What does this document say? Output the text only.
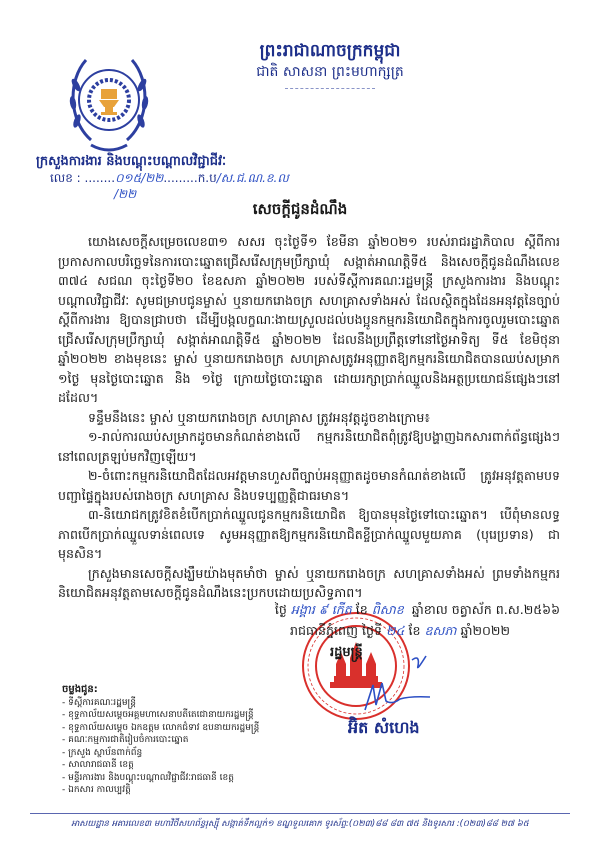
ព្រះរាជាណាចក្រកម្ពុជា
ជាតិ សាសនា ព្រះមហាក្សត្រ
ក្រសួងការងារ និងបណ្តុះបណ្តាលវិជ្ជាជីវៈ
លេខ : ........០១៥/២២.........ក.ប/ស.ជ.ណ.ខ.ល
/២២
សេចក្តីជូនដំណឹង

យោងសេចក្តីសម្រេចលេខ៣១ សសរ ចុះថ្ងៃទី១ ខែមីនា ឆ្នាំ២០២១ របស់រាជរដ្ឋាភិបាល ស្តីពីការប្រកាសកាលបរិច្ឆេទនៃការបោះឆ្នោតជ្រើសរើសក្រុមប្រឹក្សាឃុំ សង្កាត់អាណត្តិទី៥ និងសេចក្តីជូនដំណឹងលេខ ៣៧៤ សជណ ចុះថ្ងៃទី២០ ខែឧសភា ឆ្នាំ២០២២ របស់ទីស្តីការគណៈរដ្ឋមន្ត្រី ក្រសួងការងារ និងបណ្តុះបណ្តាលវិជ្ជាជីវៈ សូមជម្រាបជូនម្ចាស់ ឬនាយករោងចក្រ សហគ្រាសទាំងអស់ ដែលស្ថិតក្នុងដែនអនុវត្តនៃច្បាប់ស្តីពីការងារ ឱ្យបានជ្រាបថា ដើម្បីបង្កលក្ខណៈងាយស្រួលដល់បងប្អូនកម្មករនិយោជិតក្នុងការចូលរួមបោះឆ្នោតជ្រើសរើសក្រុមប្រឹក្សាឃុំ សង្កាត់អាណត្តិទី៥ ឆ្នាំ២០២២ ដែលនឹងប្រព្រឹត្តទៅនៅថ្ងៃអាទិត្យ ទី៥ ខែមិថុនា ឆ្នាំ២០២២ ខាងមុខនេះ ម្ចាស់ ឬនាយករោងចក្រ សហគ្រាសត្រូវអនុញ្ញាតឱ្យកម្មករនិយោជិតបានឈប់សម្រាក ១ថ្ងៃ មុនថ្ងៃបោះឆ្នោត និង ១ថ្ងៃ ក្រោយថ្ងៃបោះឆ្នោត ដោយរក្សាប្រាក់ឈ្នួលនិងអត្ថប្រយោជន៍ផ្សេងៗនៅដដែល។

ទន្ទឹមនឹងនេះ ម្ចាស់ ឬនាយករោងចក្រ សហគ្រាស ត្រូវអនុវត្តដូចខាងក្រោម៖

១-រាល់ការឈប់សម្រាកដូចមានកំណត់ខាងលើ កម្មករនិយោជិតពុំត្រូវឱ្យបង្ហាញឯកសារពាក់ព័ន្ធផ្សេងៗនៅពេលត្រឡប់មកវិញឡើយ។

២-ចំពោះកម្មករនិយោជិតដែលអវត្តមានហួសពីច្បាប់អនុញ្ញាតដូចមានកំណត់ខាងលើ ត្រូវអនុវត្តតាមបទបញ្ជាផ្ទៃក្នុងរបស់រោងចក្រ សហគ្រាស និងបទប្បញ្ញត្តិជាធរមាន។

៣-និយោជកត្រូវខិតខំបើកប្រាក់ឈ្នួលជូនកម្មករនិយោជិត ឱ្យបានមុនថ្ងៃទៅបោះឆ្នោត។ បើពុំមានលទ្ធភាពបើកប្រាក់ឈ្នួលទាន់ពេលទេ សូមអនុញ្ញាតឱ្យកម្មករនិយោជិតខ្ចីប្រាក់ឈ្នួលមួយភាគ (បុរេប្រទាន) ជាមុនសិន។

ក្រសួងមានសេចក្តីសង្ឃឹមយ៉ាងមុតមាំថា ម្ចាស់ ឬនាយករោងចក្រ សហគ្រាសទាំងអស់ ព្រមទាំងកម្មករនិយោជិតអនុវត្តតាមសេចក្តីជូនដំណឹងនេះប្រកបដោយប្រសិទ្ធភាព។

ថ្ងៃ អង្គារ ៩ កើត ខែ ពិសាខ ឆ្នាំខាល ចត្វាស័ក ព.ស.២៥៦៦
រាជធានីភ្នំពេញ ថ្ងៃទី ២៤ ខែ ឧសភា ឆ្នាំ២០២២
រដ្ឋមន្ត្រី
អ៊ិត សំហេង
ចម្លងជូន:
- ទីស្តីការគណៈរដ្ឋមន្ត្រី
- ខុទ្ទកាល័យសម្តេចអគ្គមហាសេនាបតីតេជោនាយករដ្ឋមន្ត្រី
- ខុទ្ទកាល័យសម្តេច ឯកឧត្តម លោកជំទាវ ឧបនាយករដ្ឋមន្ត្រី
- គណៈកម្មការជាតិរៀបចំការបោះឆ្នោត
- ក្រសួង ស្ថាប័នពាក់ព័ន្ធ
- សាលារាជធានី ខេត្ត
- មន្ទីរការងារ និងបណ្តុះបណ្តាលវិជ្ជាជីវៈរាជធានី ខេត្ត
- ឯកសារ កាលប្បវត្តិ
អាសយដ្ឋាន អគារលេខ៣ មហាវិថីសហព័ន្ធរុស្ស៊ី សង្កាត់ទឹកល្អក់១ ខណ្ឌទួលគោក ទូរស័ព្ទ:(០២៣)៨៨ ៨៣ ៧៥ និងទូរសារ :(០២៣)៨៨ ២៧ ៦៥
